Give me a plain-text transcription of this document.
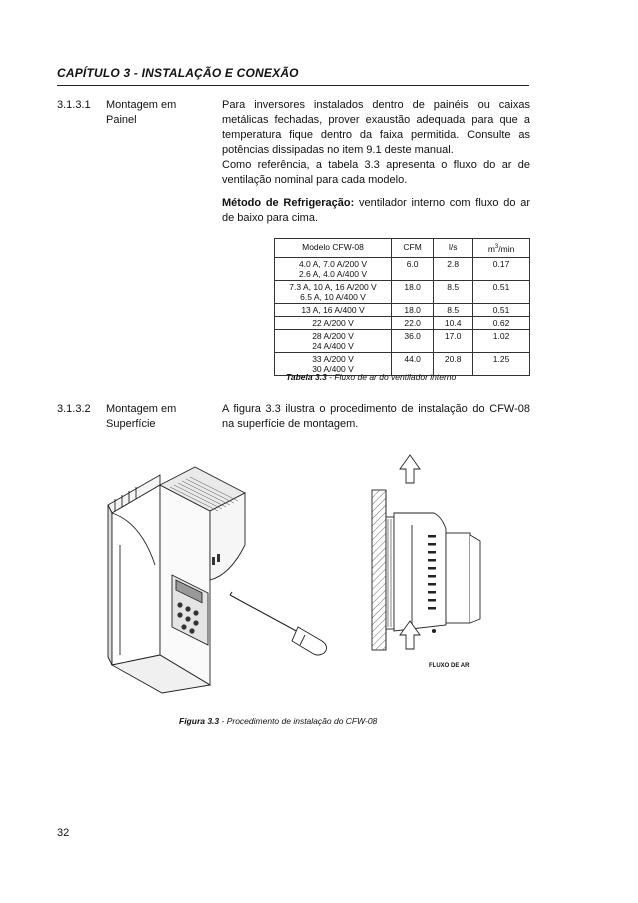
CAPÍTULO 3 - INSTALAÇÃO E CONEXÃO
3.1.3.1 Montagem em
Painel

Para inversores instalados dentro de painéis ou caixas metálicas fechadas, prover exaustão adequada para que a temperatura fique dentro da faixa permitida. Consulte as potências dissipadas no item 9.1 deste manual.

Como referência, a tabela 3.3 apresenta o fluxo do ar de ventilação nominal para cada modelo.

Método de Refrigeração: ventilador interno com fluxo do ar de baixo para cima.

Modelo CFW-08	CFM	l/s	$m^3/\min$

4.0 A, 7.0 A/200 V
2.6 A, 4.0 A/400 V	6.0	2.8	0.17

7.3 A, 10 A, 16 A/200 V
6.5 A, 10 A/400 V	18.0	8.5	0.51

13 A, 16 A/400 V	18.0	8.5	0.51

22 A/200 V	22.0	10.4	0.62

28 A/200 V
24 A/400 V	36.0	17.0	1.02

33 A/200 V
30 A/400 V	44.0	20.8	1.25
Tabela 3.3 - Fluxo de ar do ventilador interno
3.1.3.2 Montagem em
Superfície

A figura 3.3 ilustra o procedimento de instalação do CFW-08 na superfície de montagem.

FLUXO DE AR
Figura 3.3 - Procedimento de instalação do CFW-08
32
